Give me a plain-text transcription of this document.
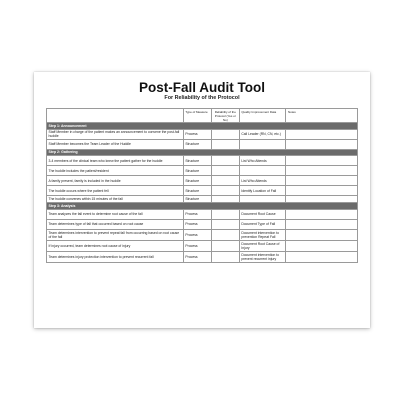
Post-Fall Audit Tool

For Reliability of the Protocol

	Type of Measure	Reliability of the Protocol (Yes or No)	Quality Improvement Data	Notes
Step 1: Announcement				
Staff Member in charge of the patient makes an announcement to convene the post-fall huddle	Process		Call Leader (RN, CN, etc.)	
Staff Member becomes the Team Leader of the Huddle	Structure			
Step 2: Gathering				
3-4 members of the clinical team who knew the patient gather for the huddle	Structure		List Who Attends	
The huddle includes the patient/resident	Structure			
A family present, family is included in the huddle	Structure		List Who Attends	
The huddle occurs where the patient fell	Structure		Identify Location of Fall	
The huddle convenes within 15 minutes of the fall	Structure			
Step 3: Analysis				
Team analyzes the fall event to determine root cause of the fall	Process		Document Root Cause	
Team determines type of fall that occurred based on root cause	Process		Document Type of Fall	
Team determines intervention to prevent repeat fall from occurring based on root cause of the fall	Process		Document intervention to prevention Repeat Fall	
If injury occurred, team determines root cause of injury	Process		Document Root Cause of Injury	
Team determines injury protection intervention to prevent recurrent fall	Process		Document intervention to prevent recurrent injury	
